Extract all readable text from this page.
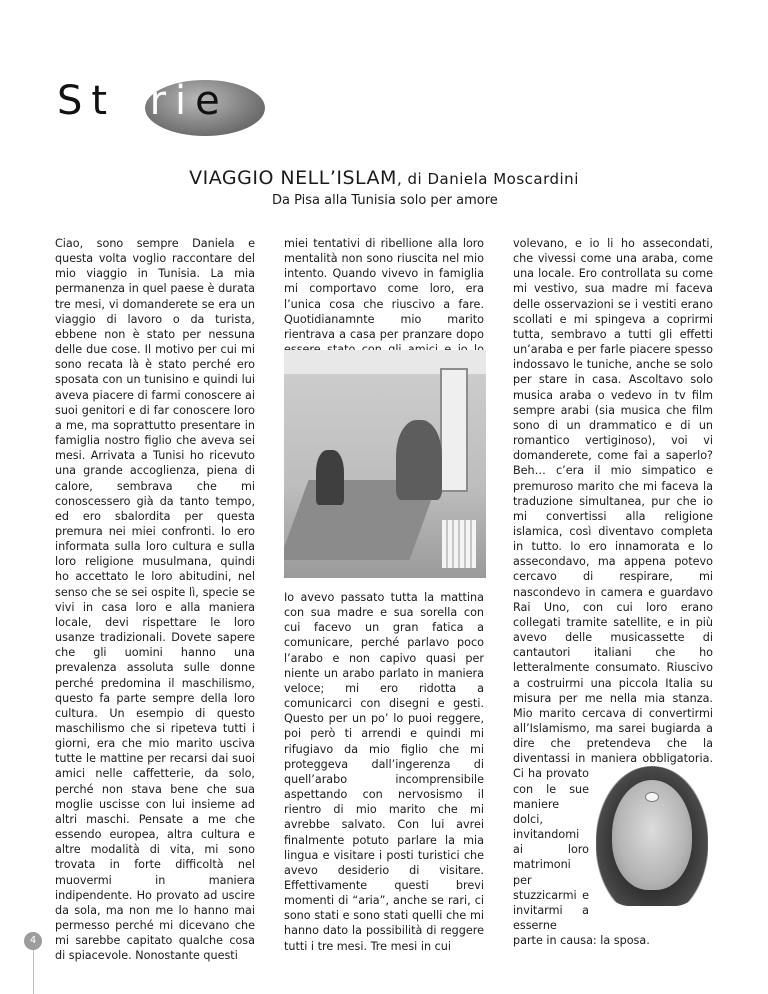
Storie
VIAGGIO NELL’ISLAM, di Daniela Moscardini
Da Pisa alla Tunisia solo per amore

Ciao, sono sempre Daniela e questa volta voglio raccontare del mio viaggio in Tunisia. La mia permanenza in quel paese è durata tre mesi, vi domanderete se era un viaggio di lavoro o da turista, ebbene non è stato per nessuna delle due cose. Il motivo per cui mi sono recata là è stato perché ero sposata con un tunisino e quindi lui aveva piacere di farmi conoscere ai suoi genitori e di far conoscere loro a me, ma soprattutto presentare in famiglia nostro figlio che aveva sei mesi. Arrivata a Tunisi ho ricevuto una grande accoglienza, piena di calore, sembrava che mi conoscessero già da tanto tempo, ed ero sbalordita per questa premura nei miei confronti. Io ero informata sulla loro cultura e sulla loro religione musulmana, quindi ho accettato le loro abitudini, nel senso che se sei ospite lì, specie se vivi in casa loro e alla maniera locale, devi rispettare le loro usanze tradizionali. Dovete sapere che gli uomini hanno una prevalenza assoluta sulle donne perché predomina il maschilismo, questo fa parte sempre della loro cultura. Un esempio di questo maschilismo che si ripeteva tutti i giorni, era che mio marito usciva tutte le mattine per recarsi dai suoi amici nelle caffetterie, da solo, perché non stava bene che sua moglie uscisse con lui insieme ad altri maschi. Pensate a me che essendo europea, altra cultura e altre modalità di vita, mi sono trovata in forte difficoltà nel muovermi in maniera indipendente. Ho provato ad uscire da sola, ma non me lo hanno mai permesso perché mi dicevano che mi sarebbe capitato qualche cosa di spiacevole. Nonostante questi

miei tentativi di ribellione alla loro mentalità non sono riuscita nel mio intento. Quando vivevo in famiglia mi comportavo come loro, era l’unica cosa che riuscivo a fare. Quotidianamnte mio marito rientrava a casa per pranzare dopo

Io avevo passato tutta la mattina con sua madre e sua sorella con cui facevo un gran fatica a comunicare, perché parlavo poco l’arabo e non capivo quasi per niente un arabo parlato in maniera veloce; mi ero ridotta a comunicarci con disegni e gesti. Questo per un po’ lo puoi reggere, poi però ti arrendi e quindi mi rifugiavo da mio figlio che mi proteggeva dall’ingerenza di quell’arabo incomprensibile aspettando con nervosismo il rientro di mio marito che mi avrebbe salvato. Con lui avrei finalmente potuto parlare la mia lingua e visitare i posti turistici che avevo desiderio di visitare. Effettivamente questi brevi momenti di “aria”, anche se rari, ci sono stati e sono stati quelli che mi hanno dato la possibilità di reggere tutti i tre mesi. Tre mesi in cui

volevano, e io li ho assecondati, che vivessi come una araba, come una locale. Ero controllata su come mi vestivo, sua madre mi faceva delle osservazioni se i vestiti erano scollati e mi spingeva a coprirmi tutta, sembravo a tutti gli effetti un’araba e per farle piacere spesso indossavo le tuniche, anche se solo per stare in casa. Ascoltavo solo musica araba o vedevo in tv film sempre arabi (sia musica che film sono di un drammatico e di un romantico vertiginoso), voi vi domanderete, come fai a saperlo? Beh… c’era il mio simpatico e premuroso marito che mi faceva la traduzione simultanea, pur che io mi convertissi alla religione islamica, così diventavo completa in tutto. Io ero innamorata e lo assecondavo, ma appena potevo cercavo di respirare, mi nascondevo in camera e guardavo Rai Uno, con cui loro erano collegati tramite satellite, e in più avevo delle musicassette di cantautori italiani che ho letteralmente consumato. Riuscivo a costruirmi una piccola Italia su misura per me nella mia stanza. Mio marito cercava di convertirmi all’Islamismo, ma sarei bugiarda a dire che pretendeva che la diventassi in maniera obbligatoria. Ci ha provato con le sue maniere dolci, invitandomi ai loro matrimoni per stuzzicarmi e invitarmi a esserne parte in causa: la sposa.

4
